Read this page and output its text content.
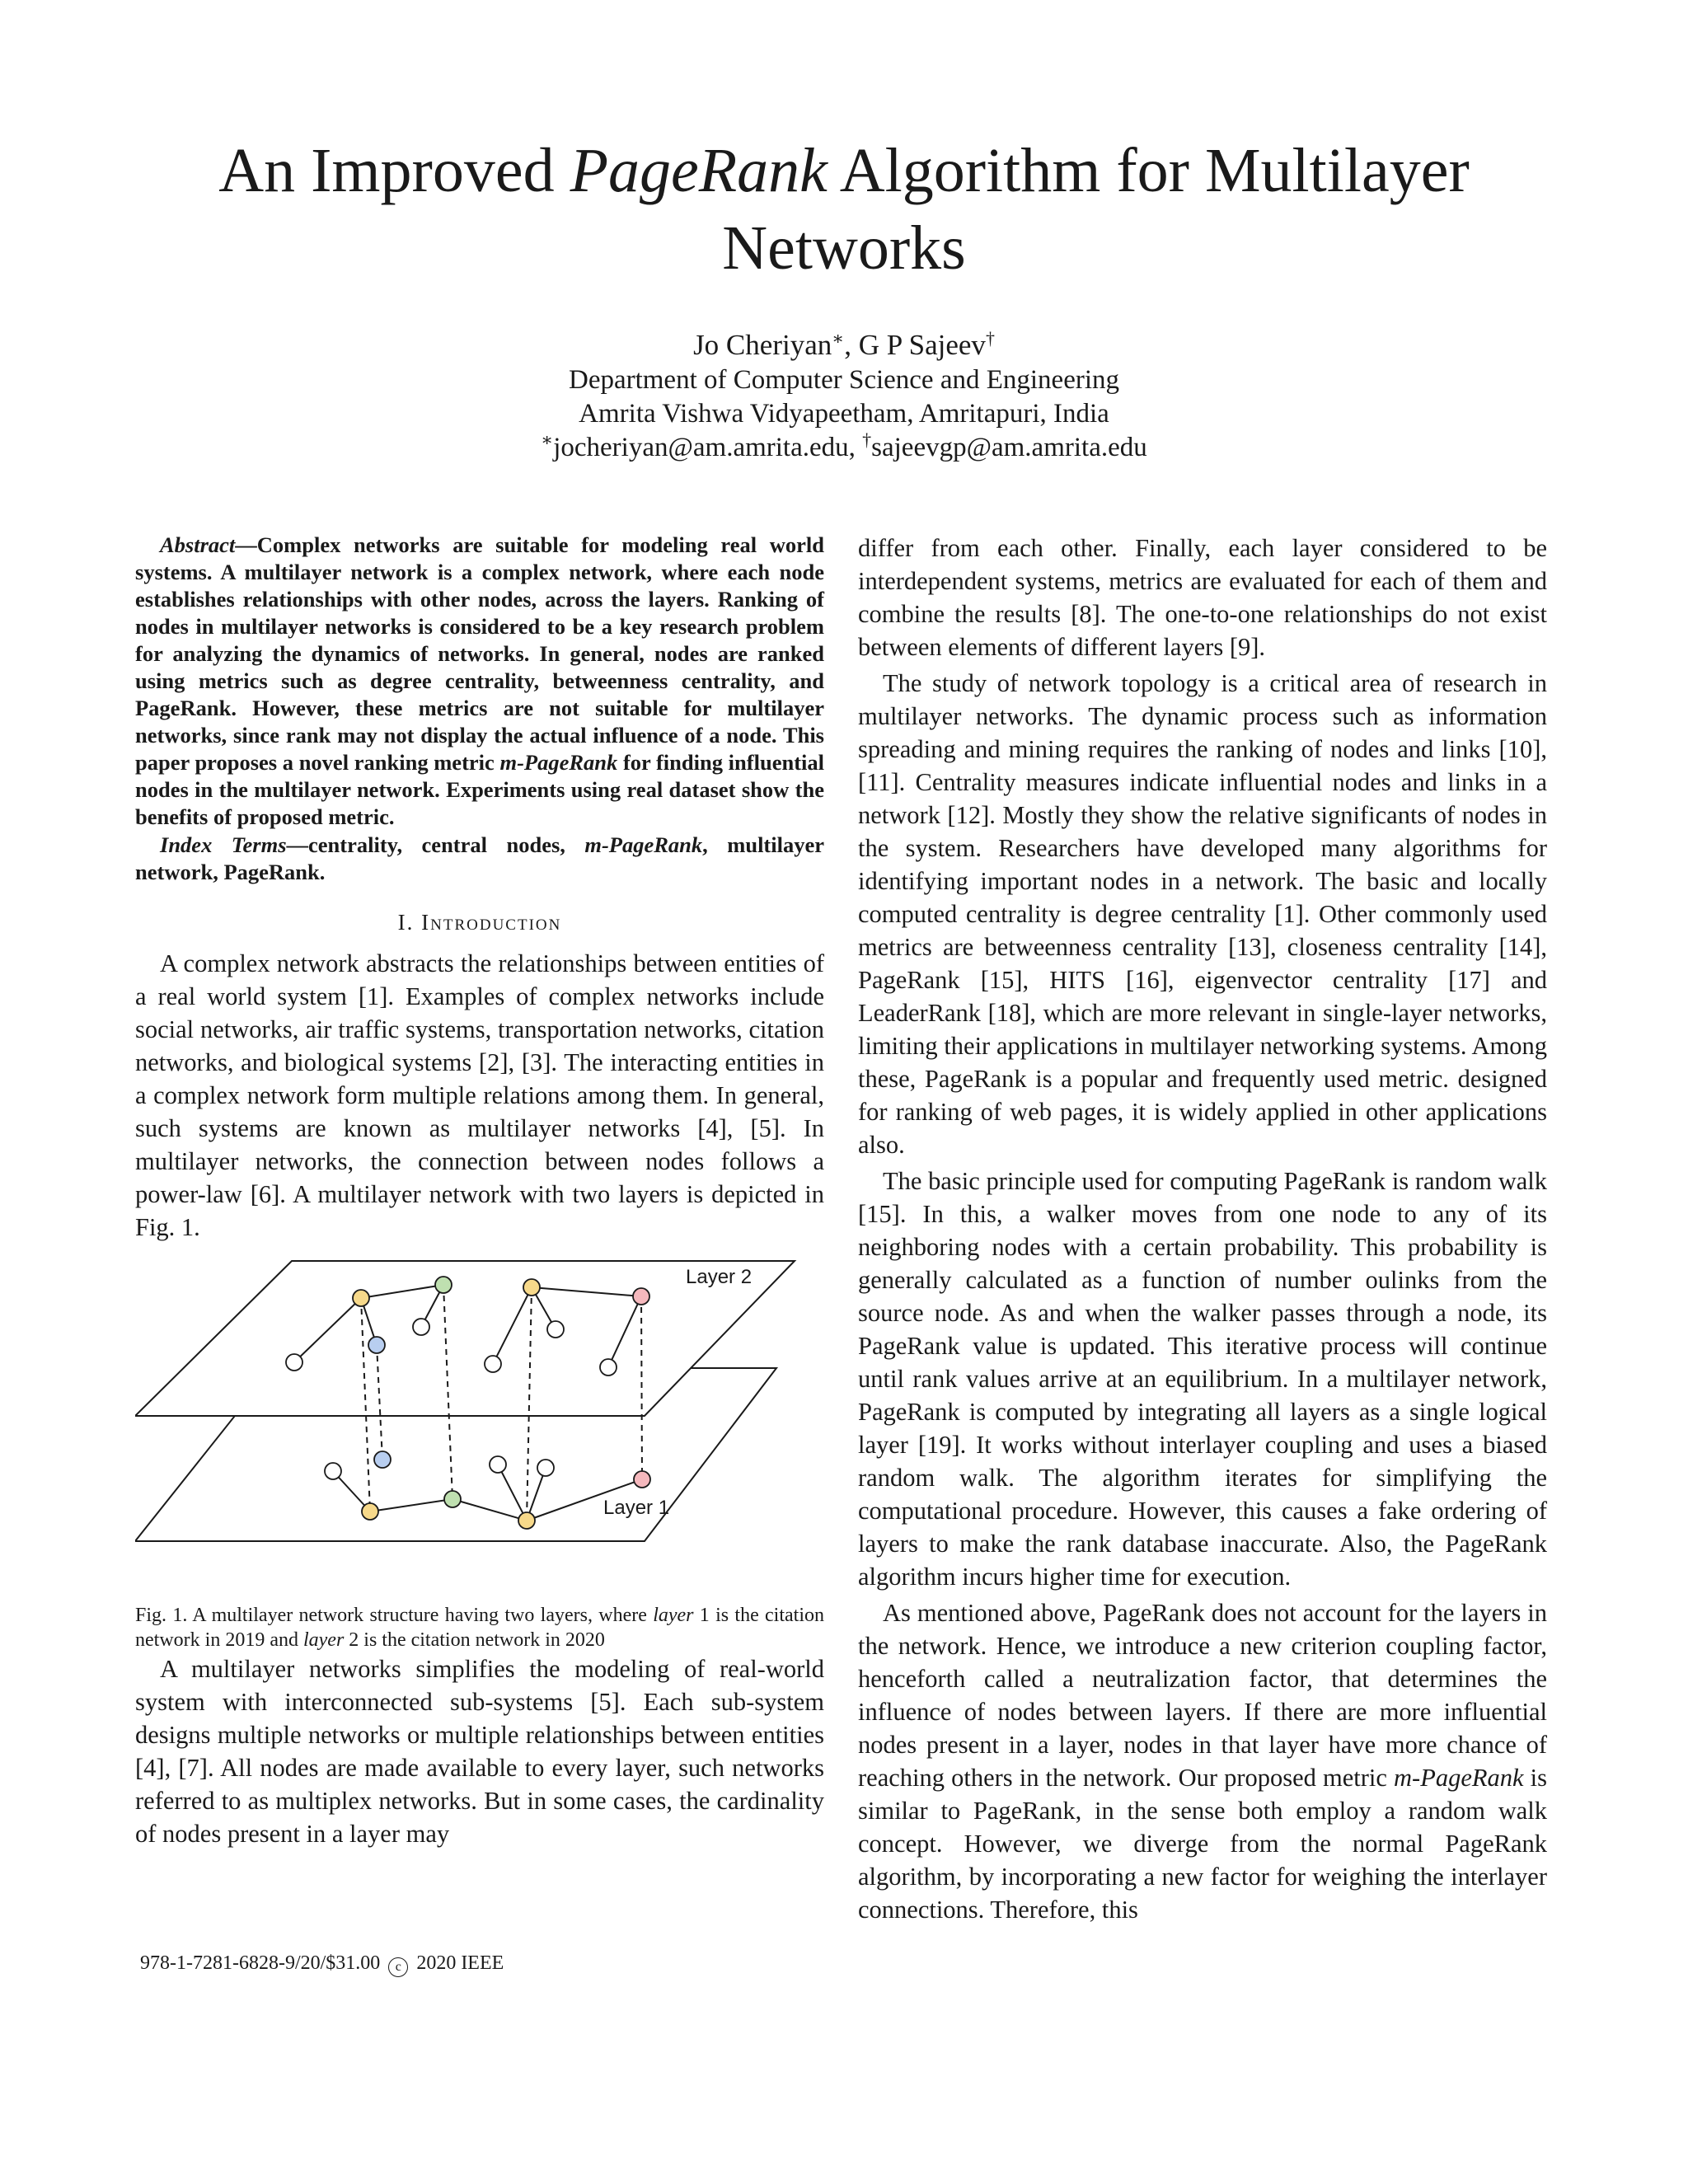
An Improved PageRank Algorithm for Multilayer
Networks
Jo Cheriyan∗, G P Sajeev†
Department of Computer Science and Engineering
Amrita Vishwa Vidyapeetham, Amritapuri, India
∗jocheriyan@am.amrita.edu, †sajeevgp@am.amrita.edu

Abstract—Complex networks are suitable for modeling real world systems. A multilayer network is a complex network, where each node establishes relationships with other nodes, across the layers. Ranking of nodes in multilayer networks is considered to be a key research problem for analyzing the dynamics of networks. In general, nodes are ranked using metrics such as degree centrality, betweenness centrality, and PageRank. However, these metrics are not suitable for multilayer networks, since rank may not display the actual influence of a node. This paper proposes a novel ranking metric m-PageRank for finding influential nodes in the multilayer network. Experiments using real dataset show the benefits of proposed metric.

Index Terms—centrality, central nodes, m-PageRank, multilayer network, PageRank.

I. Introduction

A complex network abstracts the relationships between entities of a real world system [1]. Examples of complex networks include social networks, air traffic systems, transportation networks, citation networks, and biological systems [2], [3]. The interacting entities in a complex network form multiple relations among them. In general, such systems are known as multilayer networks [4], [5]. In multilayer networks, the connection between nodes follows a power-law [6]. A multilayer network with two layers is depicted in Fig. 1.

Layer 2
Layer 1

Fig. 1. A multilayer network structure having two layers, where layer 1 is the citation network in 2019 and layer 2 is the citation network in 2020

A multilayer networks simplifies the modeling of real-world system with interconnected sub-systems [5]. Each sub-system designs multiple networks or multiple relationships between entities [4], [7]. All nodes are made available to every layer, such networks referred to as multiplex networks. But in some cases, the cardinality of nodes present in a layer may

differ from each other. Finally, each layer considered to be interdependent systems, metrics are evaluated for each of them and combine the results [8]. The one-to-one relationships do not exist between elements of different layers [9].

The study of network topology is a critical area of research in multilayer networks. The dynamic process such as information spreading and mining requires the ranking of nodes and links [10], [11]. Centrality measures indicate influential nodes and links in a network [12]. Mostly they show the relative significants of nodes in the system. Researchers have developed many algorithms for identifying important nodes in a network. The basic and locally computed centrality is degree centrality [1]. Other commonly used metrics are betweenness centrality [13], closeness centrality [14], PageRank [15], HITS [16], eigenvector centrality [17] and LeaderRank [18], which are more relevant in single-layer networks, limiting their applications in multilayer networking systems. Among these, PageRank is a popular and frequently used metric. designed for ranking of web pages, it is widely applied in other applications also.

The basic principle used for computing PageRank is random walk [15]. In this, a walker moves from one node to any of its neighboring nodes with a certain probability. This probability is generally calculated as a function of number oulinks from the source node. As and when the walker passes through a node, its PageRank value is updated. This iterative process will continue until rank values arrive at an equilibrium. In a multilayer network, PageRank is computed by integrating all layers as a single logical layer [19]. It works without interlayer coupling and uses a biased random walk. The algorithm iterates for simplifying the computational procedure. However, this causes a fake ordering of layers to make the rank database inaccurate. Also, the PageRank algorithm incurs higher time for execution.

As mentioned above, PageRank does not account for the layers in the network. Hence, we introduce a new criterion coupling factor, henceforth called a neutralization factor, that determines the influence of nodes between layers. If there are more influential nodes present in a layer, nodes in that layer have more chance of reaching others in the network. Our proposed metric m-PageRank is similar to PageRank, in the sense both employ a random walk concept. However, we diverge from the normal PageRank algorithm, by incorporating a new factor for weighing the interlayer connections. Therefore, this

978-1-7281-6828-9/20/$31.00 c 2020 IEEE
